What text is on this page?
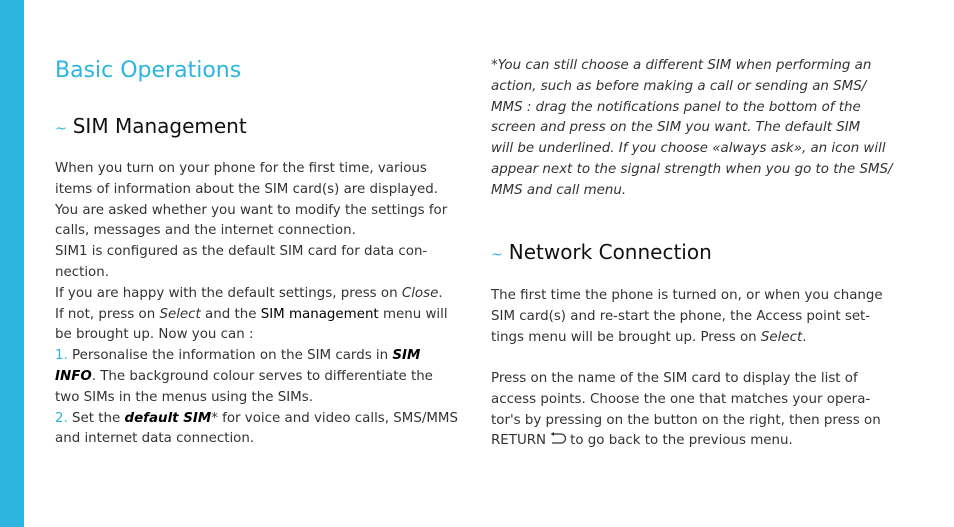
Basic Operations
~ SIM Management
When you turn on your phone for the first time, various
items of information about the SIM card(s) are displayed.
You are asked whether you want to modify the settings for
calls, messages and the internet connection.
SIM1 is configured as the default SIM card for data con-
nection.
If you are happy with the default settings, press on Close.
If not, press on Select and the SIM management menu will
be brought up. Now you can :
1. Personalise the information on the SIM cards in SIM
INFO. The background colour serves to differentiate the
two SIMs in the menus using the SIMs.
2. Set the default SIM* for voice and video calls, SMS/MMS
and internet data connection.
*You can still choose a different SIM when performing an
action, such as before making a call or sending an SMS/
MMS : drag the notifications panel to the bottom of the
screen and press on the SIM you want. The default SIM
will be underlined. If you choose «always ask», an icon will
appear next to the signal strength when you go to the SMS/
MMS and call menu.
~ Network Connection
The first time the phone is turned on, or when you change
SIM card(s) and re-start the phone, the Access point set-
tings menu will be brought up. Press on Select.
Press on the name of the SIM card to display the list of
access points. Choose the one that matches your opera-
tor's by pressing on the button on the right, then press on
RETURN to go back to the previous menu.
